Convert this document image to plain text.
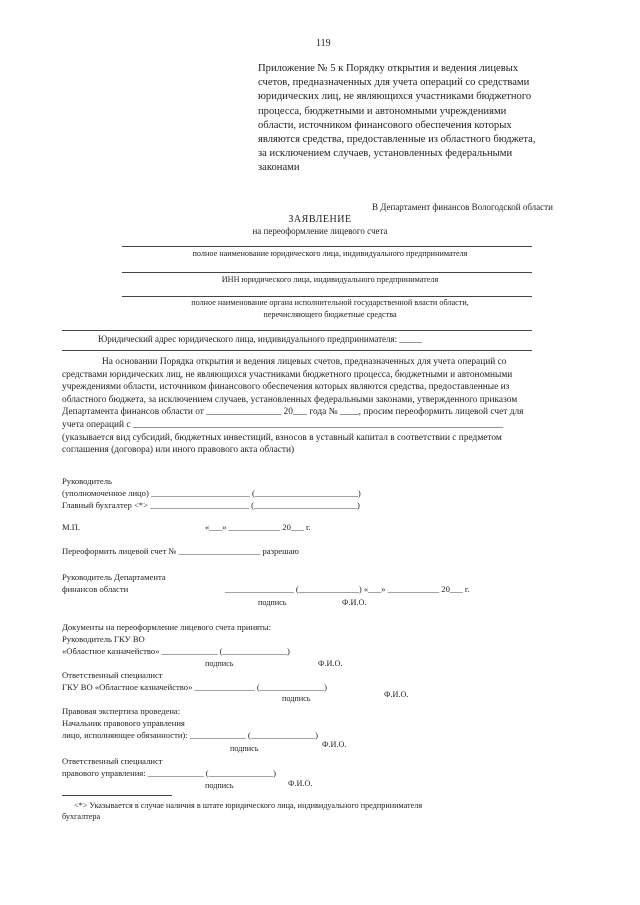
119
Приложение № 5 к Порядку открытия и ведения лицевых
счетов, предназначенных для учета операций со средствами
юридических лиц, не являющихся участниками бюджетного
процесса, бюджетными и автономными учреждениями
области, источником финансового обеспечения которых
являются средства, предоставленные из областного бюджета,
за исключением случаев, установленных федеральными
законами
В Департамент финансов Вологодской области
ЗАЯВЛЕНИЕ
на переоформление лицевого счета
полное наименование юридического лица, индивидуального предпринимателя
ИНН юридического лица, индивидуального предпринимателя
полное наименование органа исполнительной государственной власти области,
перечисляющего бюджетные средства
Юридический адрес юридического лица, индивидуального предпринимателя: _____
На основании Порядка открытия и ведения лицевых счетов, предназначенных для учета операций со
средствами юридических лиц, не являющихся участниками бюджетного процесса, бюджетными и автономными
учреждениями области, источником финансового обеспечения которых являются средства, предоставленные из
областного бюджета, за исключением случаев, установленных федеральными законами, утвержденного приказом
Департамента финансов области от ________________ 20___ года № ____, просим переоформить лицевой счет для
учета операций с _______________________________________________________________________________
(указывается вид субсидий, бюджетных инвестиций, взносов в уставный капитал в соответствии с предметом
соглашения (договора) или иного правового акта области)
Руководитель
(уполномоченное лицо) _______________________ (________________________)
Главный бухгалтер <*> _______________________ (________________________)
М.П.	«___» ____________ 20___ г.
Переоформить лицевой счет № ___________________ разрешаю
Руководитель Департамента
финансов области	________________ (______________) «___» ____________ 20___ г.
подпись	Ф.И.О.
Документы на переоформление лицевого счета приняты:
Руководитель ГКУ ВО
«Областное казначейство» _____________ (_______________)
подпись	Ф.И.О.
Ответственный специалист
ГКУ ВО «Областное казначейство» ______________ (_______________)
подпись	Ф.И.О.
Правовая экспертиза проведена:
Начальник правового управления
лицо, исполняющее обязанности): _____________ (_______________)
подпись	Ф.И.О.
Ответственный специалист
правового управления: _____________ (_______________)
подпись	Ф.И.О.
<*> Указывается в случае наличия в штате юридического лица, индивидуального предпринимателя
бухгалтера
